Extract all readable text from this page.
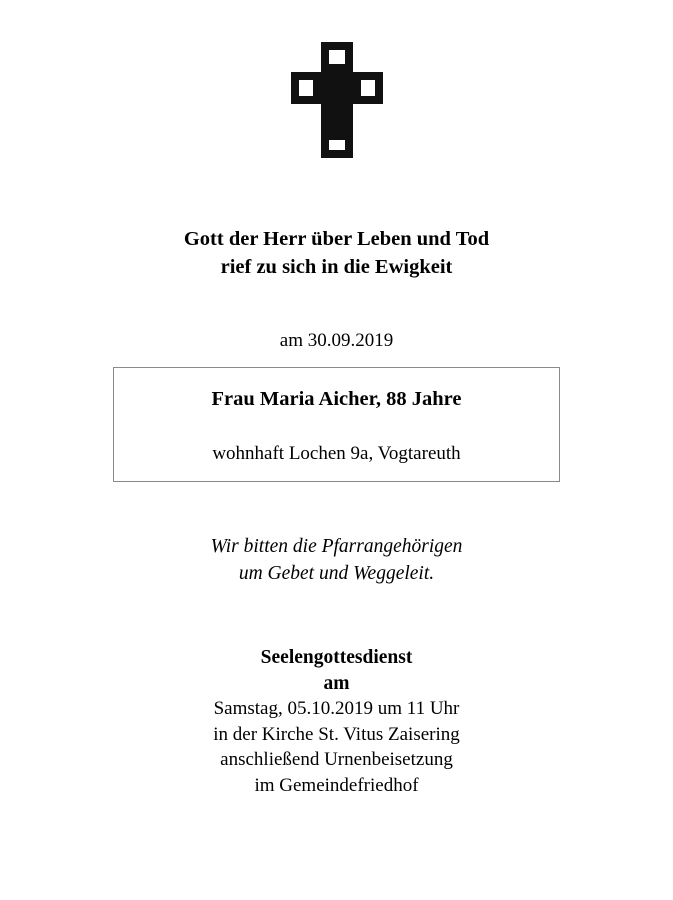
Gott der Herr über Leben und Tod
rief zu sich in die Ewigkeit
am 30.09.2019
Frau Maria Aicher, 88 Jahre
wohnhaft Lochen 9a, Vogtareuth
Wir bitten die Pfarrangehörigen
um Gebet und Weggeleit.
Seelengottesdienst
am
Samstag, 05.10.2019 um 11 Uhr
in der Kirche St. Vitus Zaisering
anschließend Urnenbeisetzung
im Gemeindefriedhof
